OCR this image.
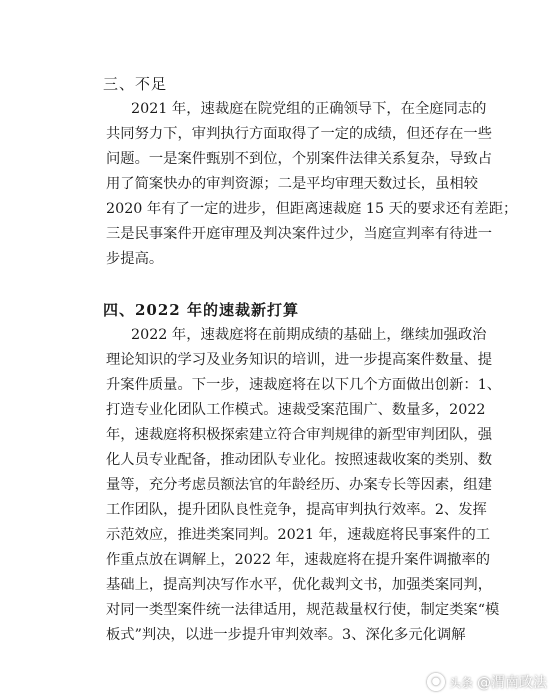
三、不足
2021 年，速裁庭在院党组的正确领导下，在全庭同志的
共同努力下，审判执行方面取得了一定的成绩，但还存在一些
问题。一是案件甄别不到位，个别案件法律关系复杂，导致占
用了简案快办的审判资源；二是平均审理天数过长，虽相较
2020 年有了一定的进步，但距离速裁庭 15 天的要求还有差距；
三是民事案件开庭审理及判决案件过少，当庭宣判率有待进一
步提高。
四、2022 年的速裁新打算
2022 年，速裁庭将在前期成绩的基础上，继续加强政治
理论知识的学习及业务知识的培训，进一步提高案件数量、提
升案件质量。下一步，速裁庭将在以下几个方面做出创新：1、
打造专业化团队工作模式。速裁受案范围广、数量多，2022
年，速裁庭将积极探索建立符合审判规律的新型审判团队，强
化人员专业配备，推动团队专业化。按照速裁收案的类别、数
量等，充分考虑员额法官的年龄经历、办案专长等因素，组建
工作团队，提升团队良性竞争，提高审判执行效率。2、发挥
示范效应，推进类案同判。2021 年，速裁庭将民事案件的工
作重点放在调解上，2022 年，速裁庭将在提升案件调撤率的
基础上，提高判决写作水平，优化裁判文书，加强类案同判，
对同一类型案件统一法律适用，规范裁量权行使，制定类案“模
板式”判决，以进一步提升审判效率。3、深化多元化调解
● 头条 @渭南政法
